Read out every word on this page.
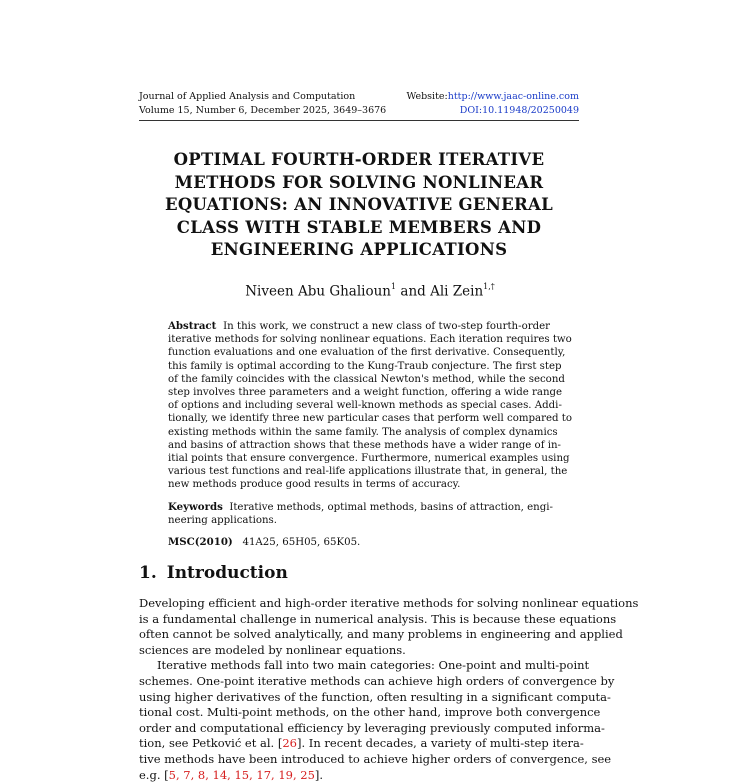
Journal of Applied Analysis and Computation	Website:http://www.jaac-online.com
Volume 15, Number 6, December 2025, 3649–3676	DOI:10.11948/20250049
OPTIMAL FOURTH-ORDER ITERATIVE
METHODS FOR SOLVING NONLINEAR
EQUATIONS: AN INNOVATIVE GENERAL
CLASS WITH STABLE MEMBERS AND
ENGINEERING APPLICATIONS
Niveen Abu Ghalioun$^1$ and Ali Zein$^{1,\dagger}$
Abstract In this work, we construct a new class of two-step fourth-order
iterative methods for solving nonlinear equations. Each iteration requires two
function evaluations and one evaluation of the first derivative. Consequently,
this family is optimal according to the Kung-Traub conjecture. The first step
of the family coincides with the classical Newton's method, while the second
step involves three parameters and a weight function, offering a wide range
of options and including several well-known methods as special cases. Addi-
tionally, we identify three new particular cases that perform well compared to
existing methods within the same family. The analysis of complex dynamics
and basins of attraction shows that these methods have a wider range of in-
itial points that ensure convergence. Furthermore, numerical examples using
various test functions and real-life applications illustrate that, in general, the
new methods produce good results in terms of accuracy.
Keywords Iterative methods, optimal methods, basins of attraction, engi-
neering applications.
MSC(2010) 41A25, 65H05, 65K05.
1. Introduction
Developing efficient and high-order iterative methods for solving nonlinear equations
is a fundamental challenge in numerical analysis. This is because these equations
often cannot be solved analytically, and many problems in engineering and applied
sciences are modeled by nonlinear equations.
Iterative methods fall into two main categories: One-point and multi-point
schemes. One-point iterative methods can achieve high orders of convergence by
using higher derivatives of the function, often resulting in a significant computa-
tional cost. Multi-point methods, on the other hand, improve both convergence
order and computational efficiency by leveraging previously computed informa-
tion, see Petković et al. [26]. In recent decades, a variety of multi-step itera-
tive methods have been introduced to achieve higher orders of convergence, see
e.g. [5, 7, 8, 14, 15, 17, 19, 25].
